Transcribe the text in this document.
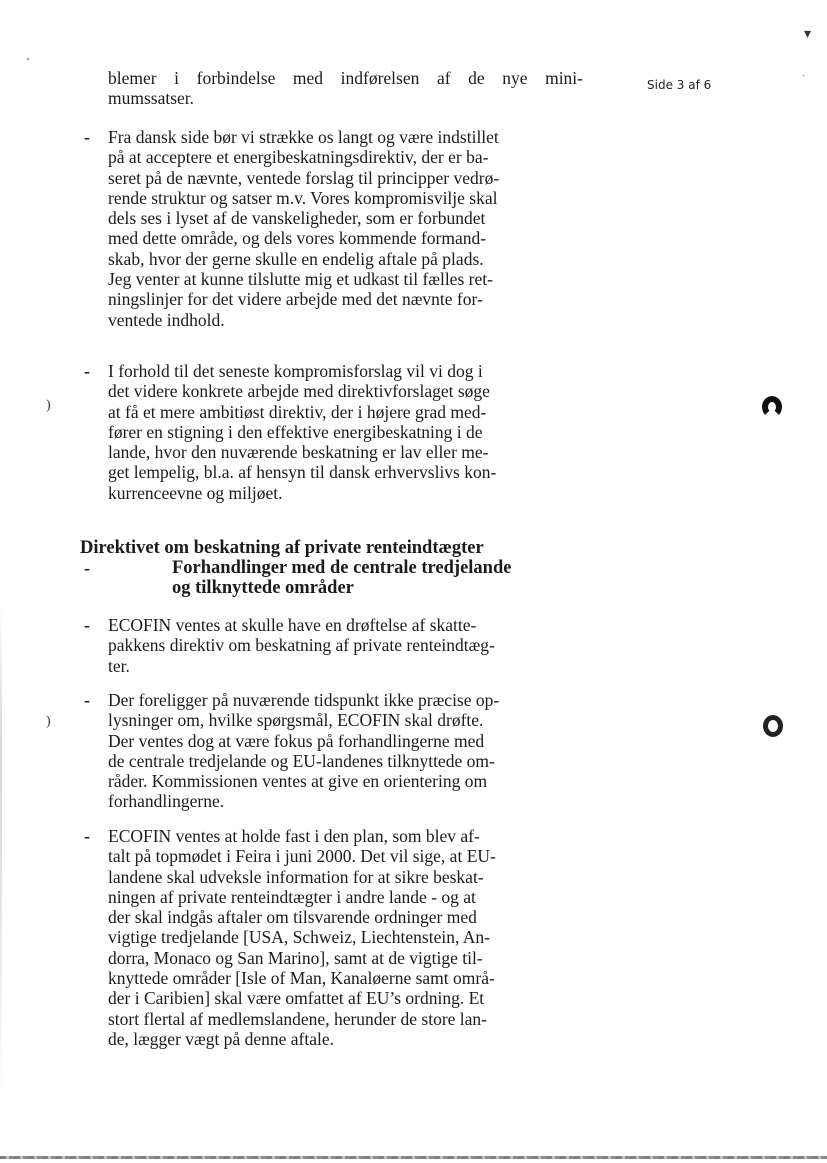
▾
ʼ
ˎ
)
)
Side 3 af 6
blemer i forbindelse med indførelsen af de nye mini-
mumssatser.
- Fra dansk side bør vi strække os langt og være indstillet
på at acceptere et energibeskatningsdirektiv, der er ba-
seret på de nævnte, ventede forslag til principper vedrø-
rende struktur og satser m.v. Vores kompromisvilje skal
dels ses i lyset af de vanskeligheder, som er forbundet
med dette område, og dels vores kommende formand-
skab, hvor der gerne skulle en endelig aftale på plads.
Jeg venter at kunne tilslutte mig et udkast til fælles ret-
ningslinjer for det videre arbejde med det nævnte for-
ventede indhold.
- I forhold til det seneste kompromisforslag vil vi dog i
det videre konkrete arbejde med direktivforslaget søge
at få et mere ambitiøst direktiv, der i højere grad med-
fører en stigning i den effektive energibeskatning i de
lande, hvor den nuværende beskatning er lav eller me-
get lempelig, bl.a. af hensyn til dansk erhvervslivs kon-
kurrenceevne og miljøet.
Direktivet om beskatning af private renteindtægter
-	Forhandlinger med de centrale tredjelande
og tilknyttede områder
- ECOFIN ventes at skulle have en drøftelse af skatte-
pakkens direktiv om beskatning af private renteindtæg-
ter.
- Der foreligger på nuværende tidspunkt ikke præcise op-
lysninger om, hvilke spørgsmål, ECOFIN skal drøfte.
Der ventes dog at være fokus på forhandlingerne med
de centrale tredjelande og EU-landenes tilknyttede om-
råder. Kommissionen ventes at give en orientering om
forhandlingerne.
- ECOFIN ventes at holde fast i den plan, som blev af-
talt på topmødet i Feira i juni 2000. Det vil sige, at EU-
landene skal udveksle information for at sikre beskat-
ningen af private renteindtægter i andre lande - og at
der skal indgås aftaler om tilsvarende ordninger med
vigtige tredjelande [USA, Schweiz, Liechtenstein, An-
dorra, Monaco og San Marino], samt at de vigtige til-
knyttede områder [Isle of Man, Kanaløerne samt områ-
der i Caribien] skal være omfattet af EU’s ordning. Et
stort flertal af medlemslandene, herunder de store lan-
de, lægger vægt på denne aftale.
